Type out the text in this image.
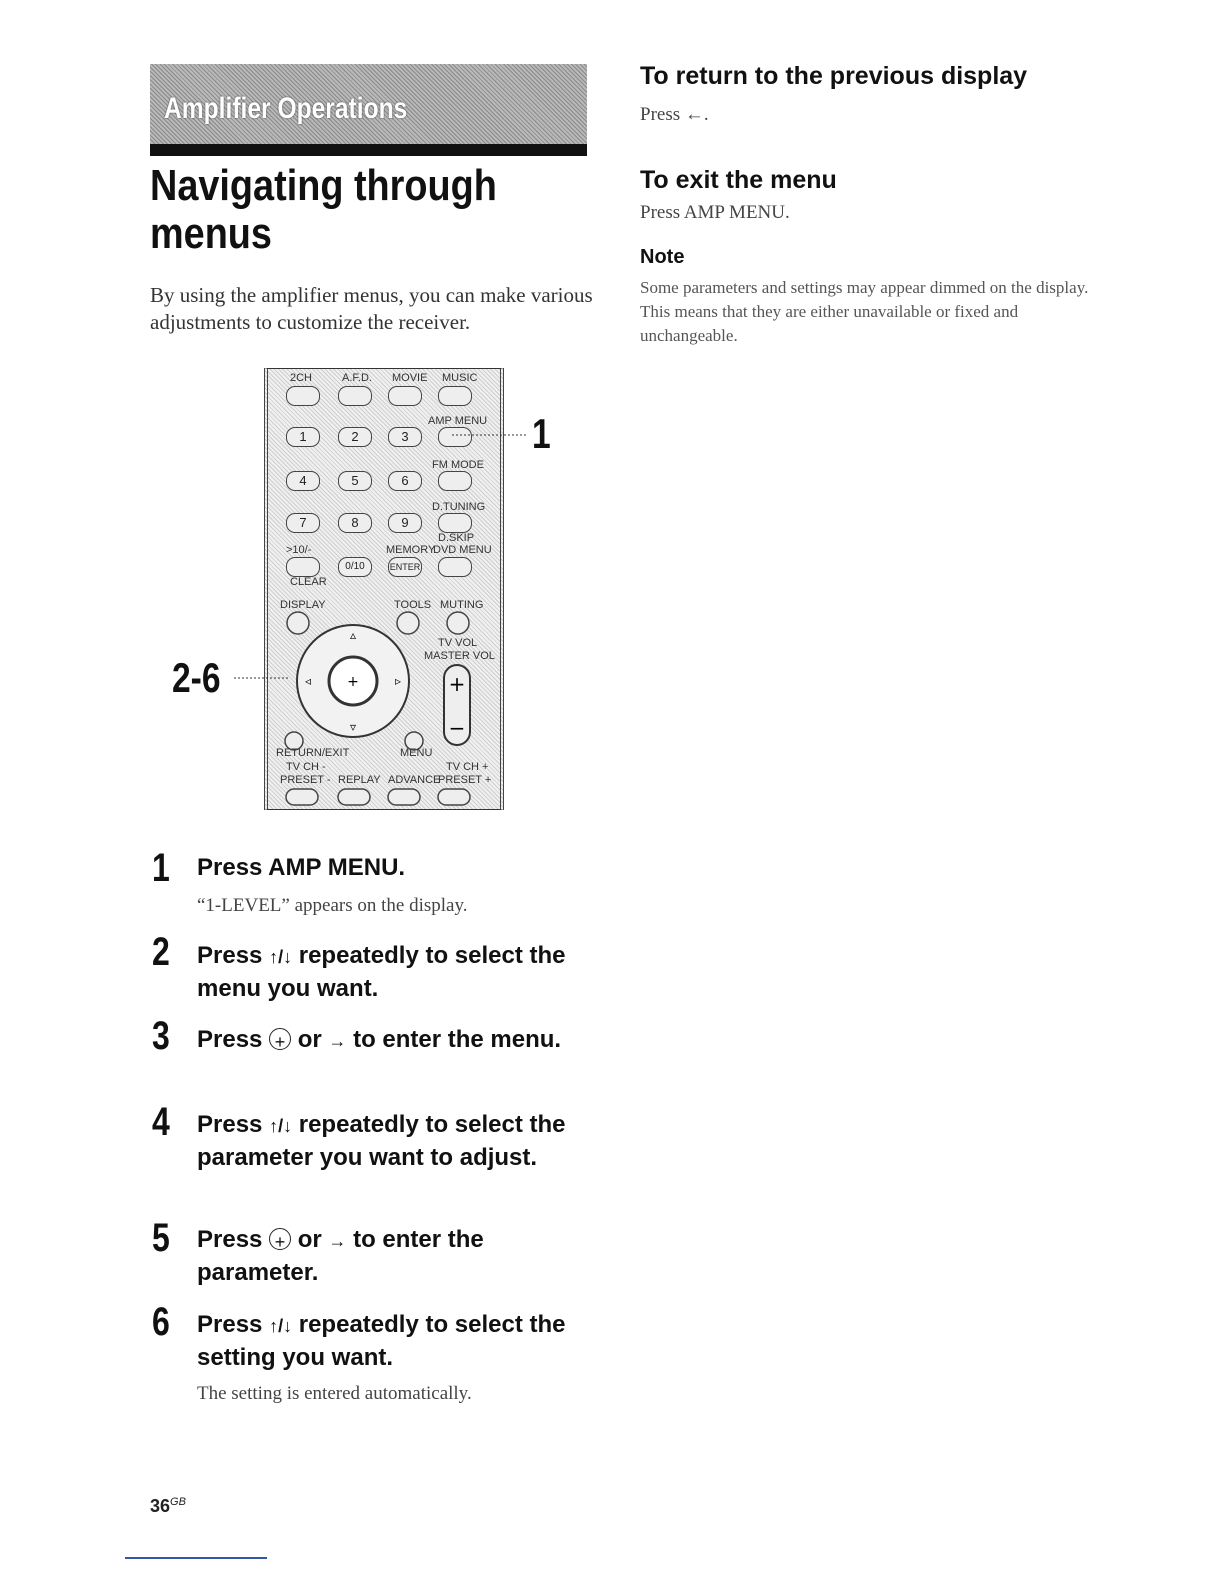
Amplifier Operations
Navigating through menus
By using the amplifier menus, you can make various adjustments to customize the receiver.
2CH	A.F.D. MOVIE MUSIC
AMP MENU
1	2	3
FM MODE
4	5	6
D.TUNING
7	8	9
D.SKIP
>10/-	MEMORY
DVD MENU
0/10	ENTER
CLEAR
DISPLAY	TOOLS MUTING
TV VOL
MASTER VOL
+
▵
▿
◃	▹ +
−
RETURN/EXIT	MENU
TV CH -	TV CH +
PRESET - REPLAY ADVANCE
PRESET +
1
2-6
1 Press AMP MENU.
“1-LEVEL” appears on the display.
2 Press ↑/↓ repeatedly to select the menu you want.
3 Press + or → to enter the menu.
4 Press ↑/↓ repeatedly to select the parameter you want to adjust.
5 Press + or → to enter the parameter.
6 Press ↑/↓ repeatedly to select the setting you want.
The setting is entered automatically.
To return to the previous display
Press ←.
To exit the menu
Press AMP MENU.
Note
Some parameters and settings may appear dimmed on the display. This means that they are either unavailable or fixed and unchangeable.
$36^{GB}$
